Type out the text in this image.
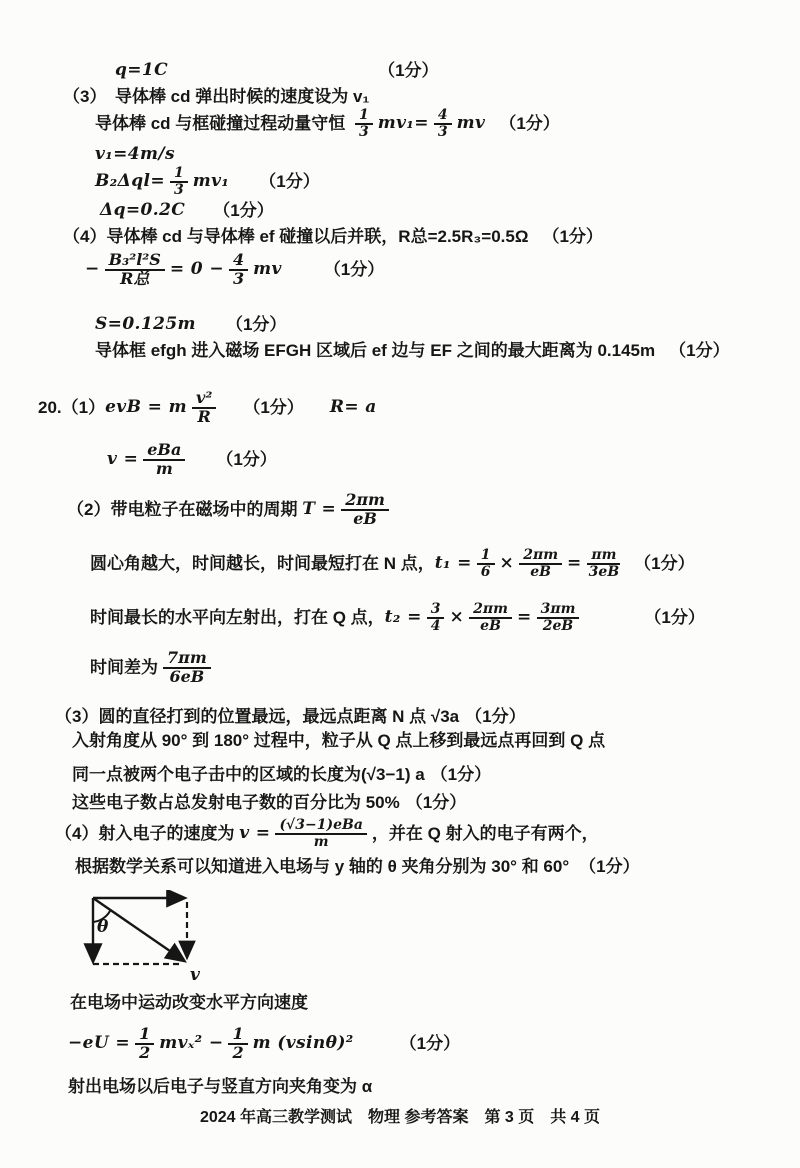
q=1C	（1分）
（3）　导体棒 cd 弹出时候的速度设为 v₁
导体棒 cd 与框碰撞过程动量守恒 $\frac{1}{3} mv_1= \frac{4}{3}$ mv （1分）
v₁=4m/s
$B_2\Delta ql= \frac{1}{3} mv_1$ （1分）
Δq=0.2C （1分）
（4）导体棒 cd 与导体棒 ef 碰撞以后并联，R总=2.5R₃=0.5Ω （1分）
− $\frac{\text{B₃²l²S}}{\text{R总}} = 0 - \frac{4}{3}$ mv （1分）
S=0.125m （1分）
导体框 efgh 进入磁场 EFGH 区域后 ef 边与 EF 之间的最大距离为 0.145m （1分）
20.（1） evB = m $\frac{\text{v²}}{R} (1$分） R= a
$v = \frac{\text{eBa}}{m} (1$分）
（2）带电粒子在磁场中的周期 $T = \frac{2\pi m}{eB}$
圆心角越大，时间越长，时间最短打在 N 点， $t_1 = \frac{1}{6} \times \frac{2\pi m}{eB} = \frac{\pi m}{3eB} (1$分）
时间最长的水平向左射出，打在 Q 点， $t_2 = \frac{3}{4} \times \frac{2\pi m}{eB} = \frac{3\pi m}{2eB}$	（1分）
时间差为 $\frac{7\pi m}{6eB}$
（3）圆的直径打到的位置最远，最远点距离 N 点 √3a （1分）
入射角度从 90° 到 180° 过程中，粒子从 Q 点上移到最远点再回到 Q 点
同一点被两个电子击中的区域的长度为(√3−1) a （1分）
这些电子数占总发射电子数的百分比为 50% （1分）
（4）射入电子的速度为 $v = \frac{\text{(√3−1)eBa}}{m}$ ，并在 Q 射入的电子有两个，
根据数学关系可以知道进入电场与 y 轴的 θ 夹角分别为 30° 和 60° （1分）
θ
v
在电场中运动改变水平方向速度
$-eU = \frac{1}{2} mv_x^2 - \frac{1}{2}$ m (vsinθ)²	（1分）
射出电场以后电子与竖直方向夹角变为 α
2024 年高三教学测试　物理 参考答案　第 3 页　共 4 页
